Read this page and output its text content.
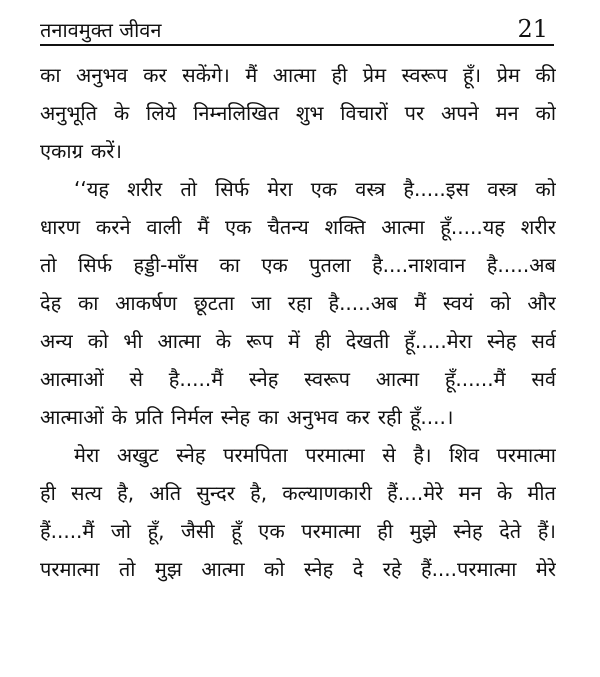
तनावमुक्त जीवन	21
का अनुभव कर सकेंगे। मैं आत्मा ही प्रेम स्वरूप हूँ। प्रेम की
अनुभूति के लिये निम्नलिखित शुभ विचारों पर अपने मन को
एकाग्र करें।
‘‘यह शरीर तो सिर्फ मेरा एक वस्त्र है.....इस वस्त्र को
धारण करने वाली मैं एक चैतन्य शक्ति आत्मा हूँ.....यह शरीर
तो सिर्फ हड्डी-माँस का एक पुतला है....नाशवान है.....अब
देह का आकर्षण छूटता जा रहा है.....अब मैं स्वयं को और
अन्य को भी आत्मा के रूप में ही देखती हूँ.....मेरा स्नेह सर्व
आत्माओं से है.....मैं स्नेह स्वरूप आत्मा हूँ......मैं सर्व
आत्माओं के प्रति निर्मल स्नेह का अनुभव कर रही हूँ....।
मेरा अखुट स्नेह परमपिता परमात्मा से है। शिव परमात्मा
ही सत्य है, अति सुन्दर है, कल्याणकारी हैं....मेरे मन के मीत
हैं.....मैं जो हूँ, जैसी हूँ एक परमात्मा ही मुझे स्नेह देते हैं।
परमात्मा तो मुझ आत्मा को स्नेह दे रहे हैं....परमात्मा मेरे
